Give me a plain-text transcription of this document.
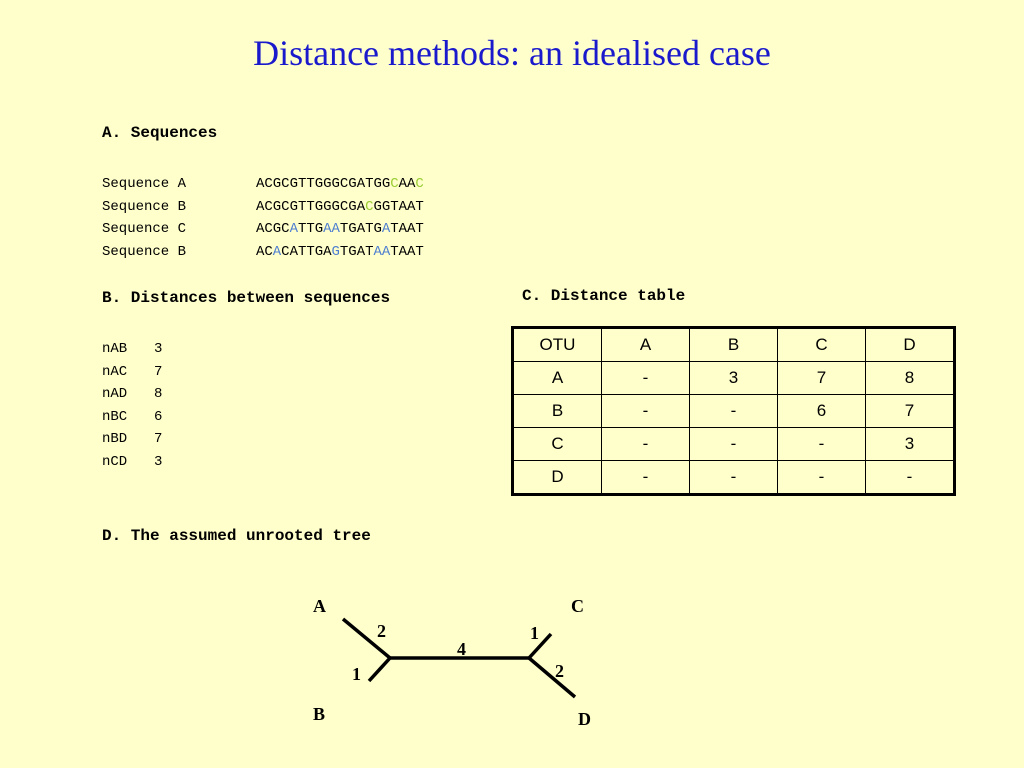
Distance methods: an idealised case
A. Sequences
Sequence A	ACGCGTTGGGCGATGGCAAC
Sequence B	ACGCGTTGGGCGACGGTAAT
Sequence C	ACGCATTGAATGATGATAAT
Sequence B	ACACATTGAGTGATAATAAT
B. Distances between sequences
nAB 3
nAC 7
nAD 8
nBC 6
nBD 7
nCD 3
C. Distance table
OTU	A	B	C	D
A	-	3	7	8
B	-	-	6	7
C	-	-	-	3
D	-	-	-	-
D. The assumed unrooted tree
A
B
C
D
2
1
4
1
2
